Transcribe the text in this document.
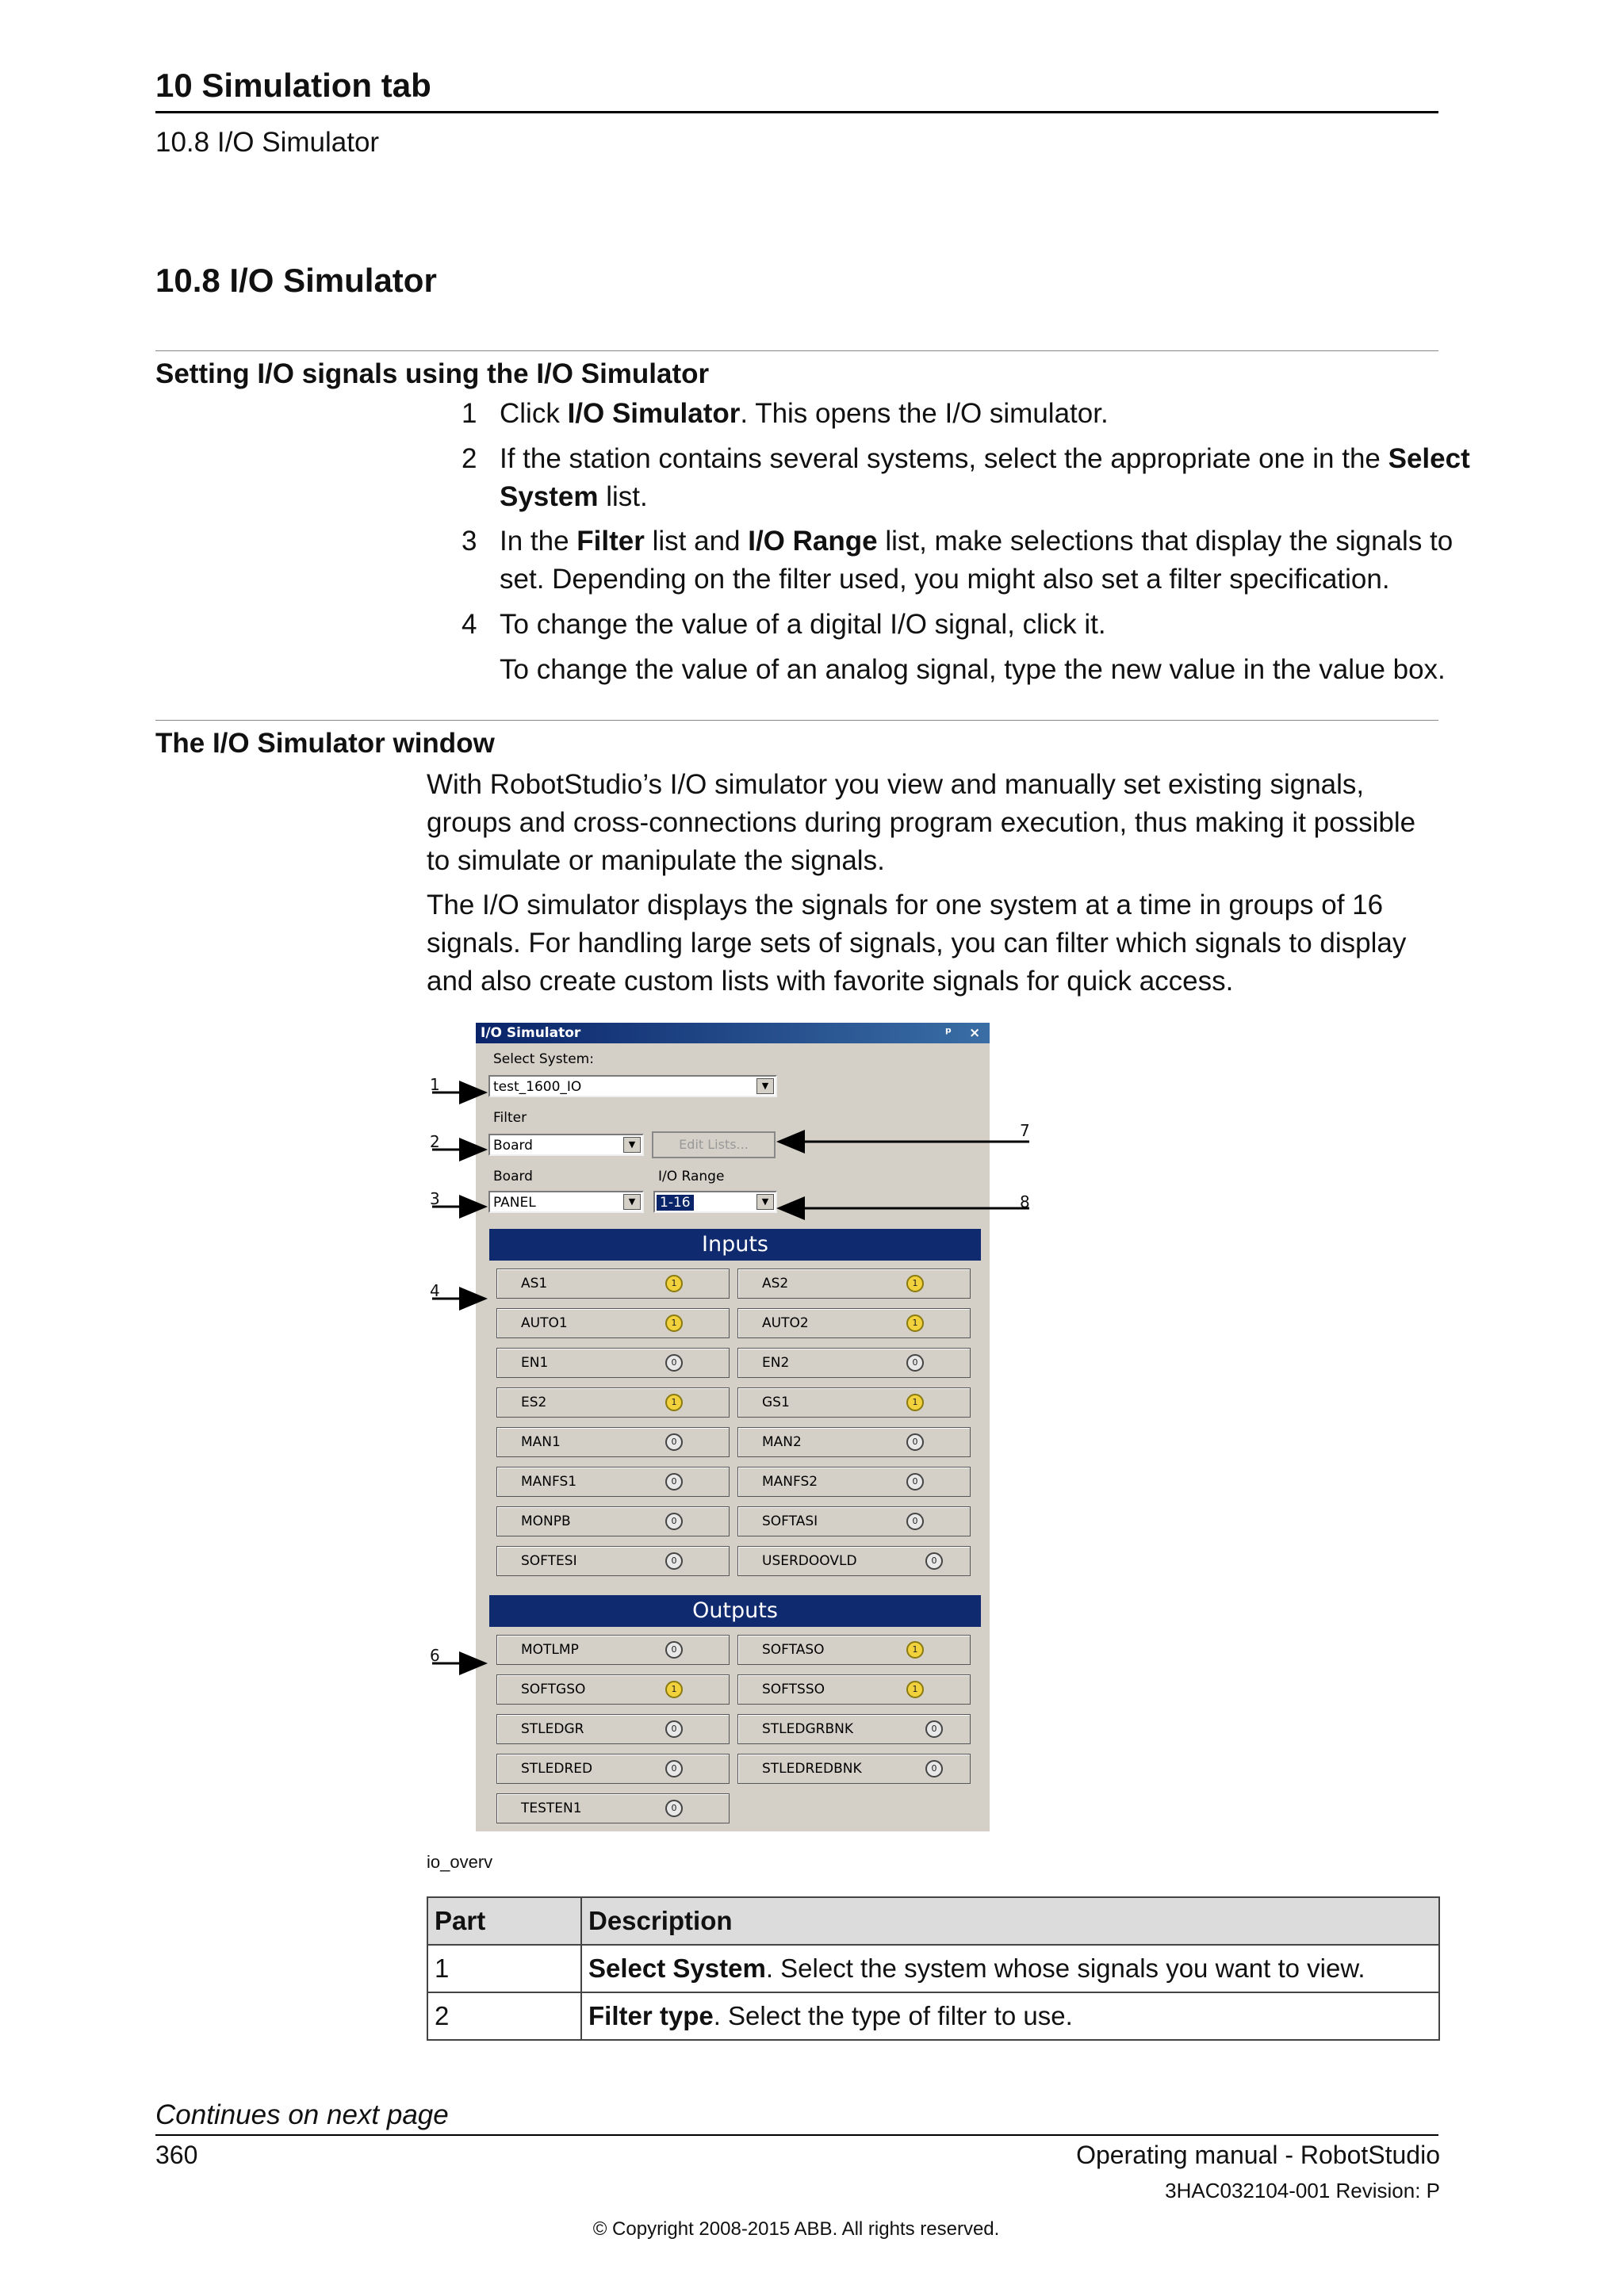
10 Simulation tab
10.8 I/O Simulator
10.8 I/O Simulator
Setting I/O signals using the I/O Simulator
1 Click I/O Simulator. This opens the I/O simulator.
2 If the station contains several systems, select the appropriate one in the Select System list.
3 In the Filter list and I/O Range list, make selections that display the signals to set. Depending on the filter used, you might also set a filter specification.
4 To change the value of a digital I/O signal, click it.
To change the value of an analog signal, type the new value in the value box.
The I/O Simulator window
With RobotStudio’s I/O simulator you view and manually set existing signals, groups and cross-connections during program execution, thus making it possible to simulate or manipulate the signals.
The I/O simulator displays the signals for one system at a time in groups of 16 signals. For handling large sets of signals, you can filter which signals to display and also create custom lists with favorite signals for quick access.
I/O Simulator	ᵖ ×
Select System:
test_1600_IO	▼
Filter
Board	▼	Edit Lists...
Board	I/O Range
PANEL	▼	1-16	▼
Inputs
AS1	1	AS2	1
AUTO1	1	AUTO2	1
EN1	0	EN2	0
ES2	1	GS1	1
MAN1	0	MAN2	0
MANFS1	0	MANFS2	0
MONPB	0	SOFTASI	0
SOFTESI	0	USERDOOVLD	0
Outputs
MOTLMP	0	SOFTASO	1
SOFTGSO	1	SOFTSSO	1
STLEDGR	0	STLEDGRBNK	0
STLEDRED	0	STLEDREDBNK	0
TESTEN1	0
1
2
3
4
6
7
8
io_overv
Part	Description
1	Select System. Select the system whose signals you want to view.
2	Filter type. Select the type of filter to use.
Continues on next page
360	Operating manual - RobotStudio
3HAC032104-001 Revision: P
© Copyright 2008-2015 ABB. All rights reserved.
